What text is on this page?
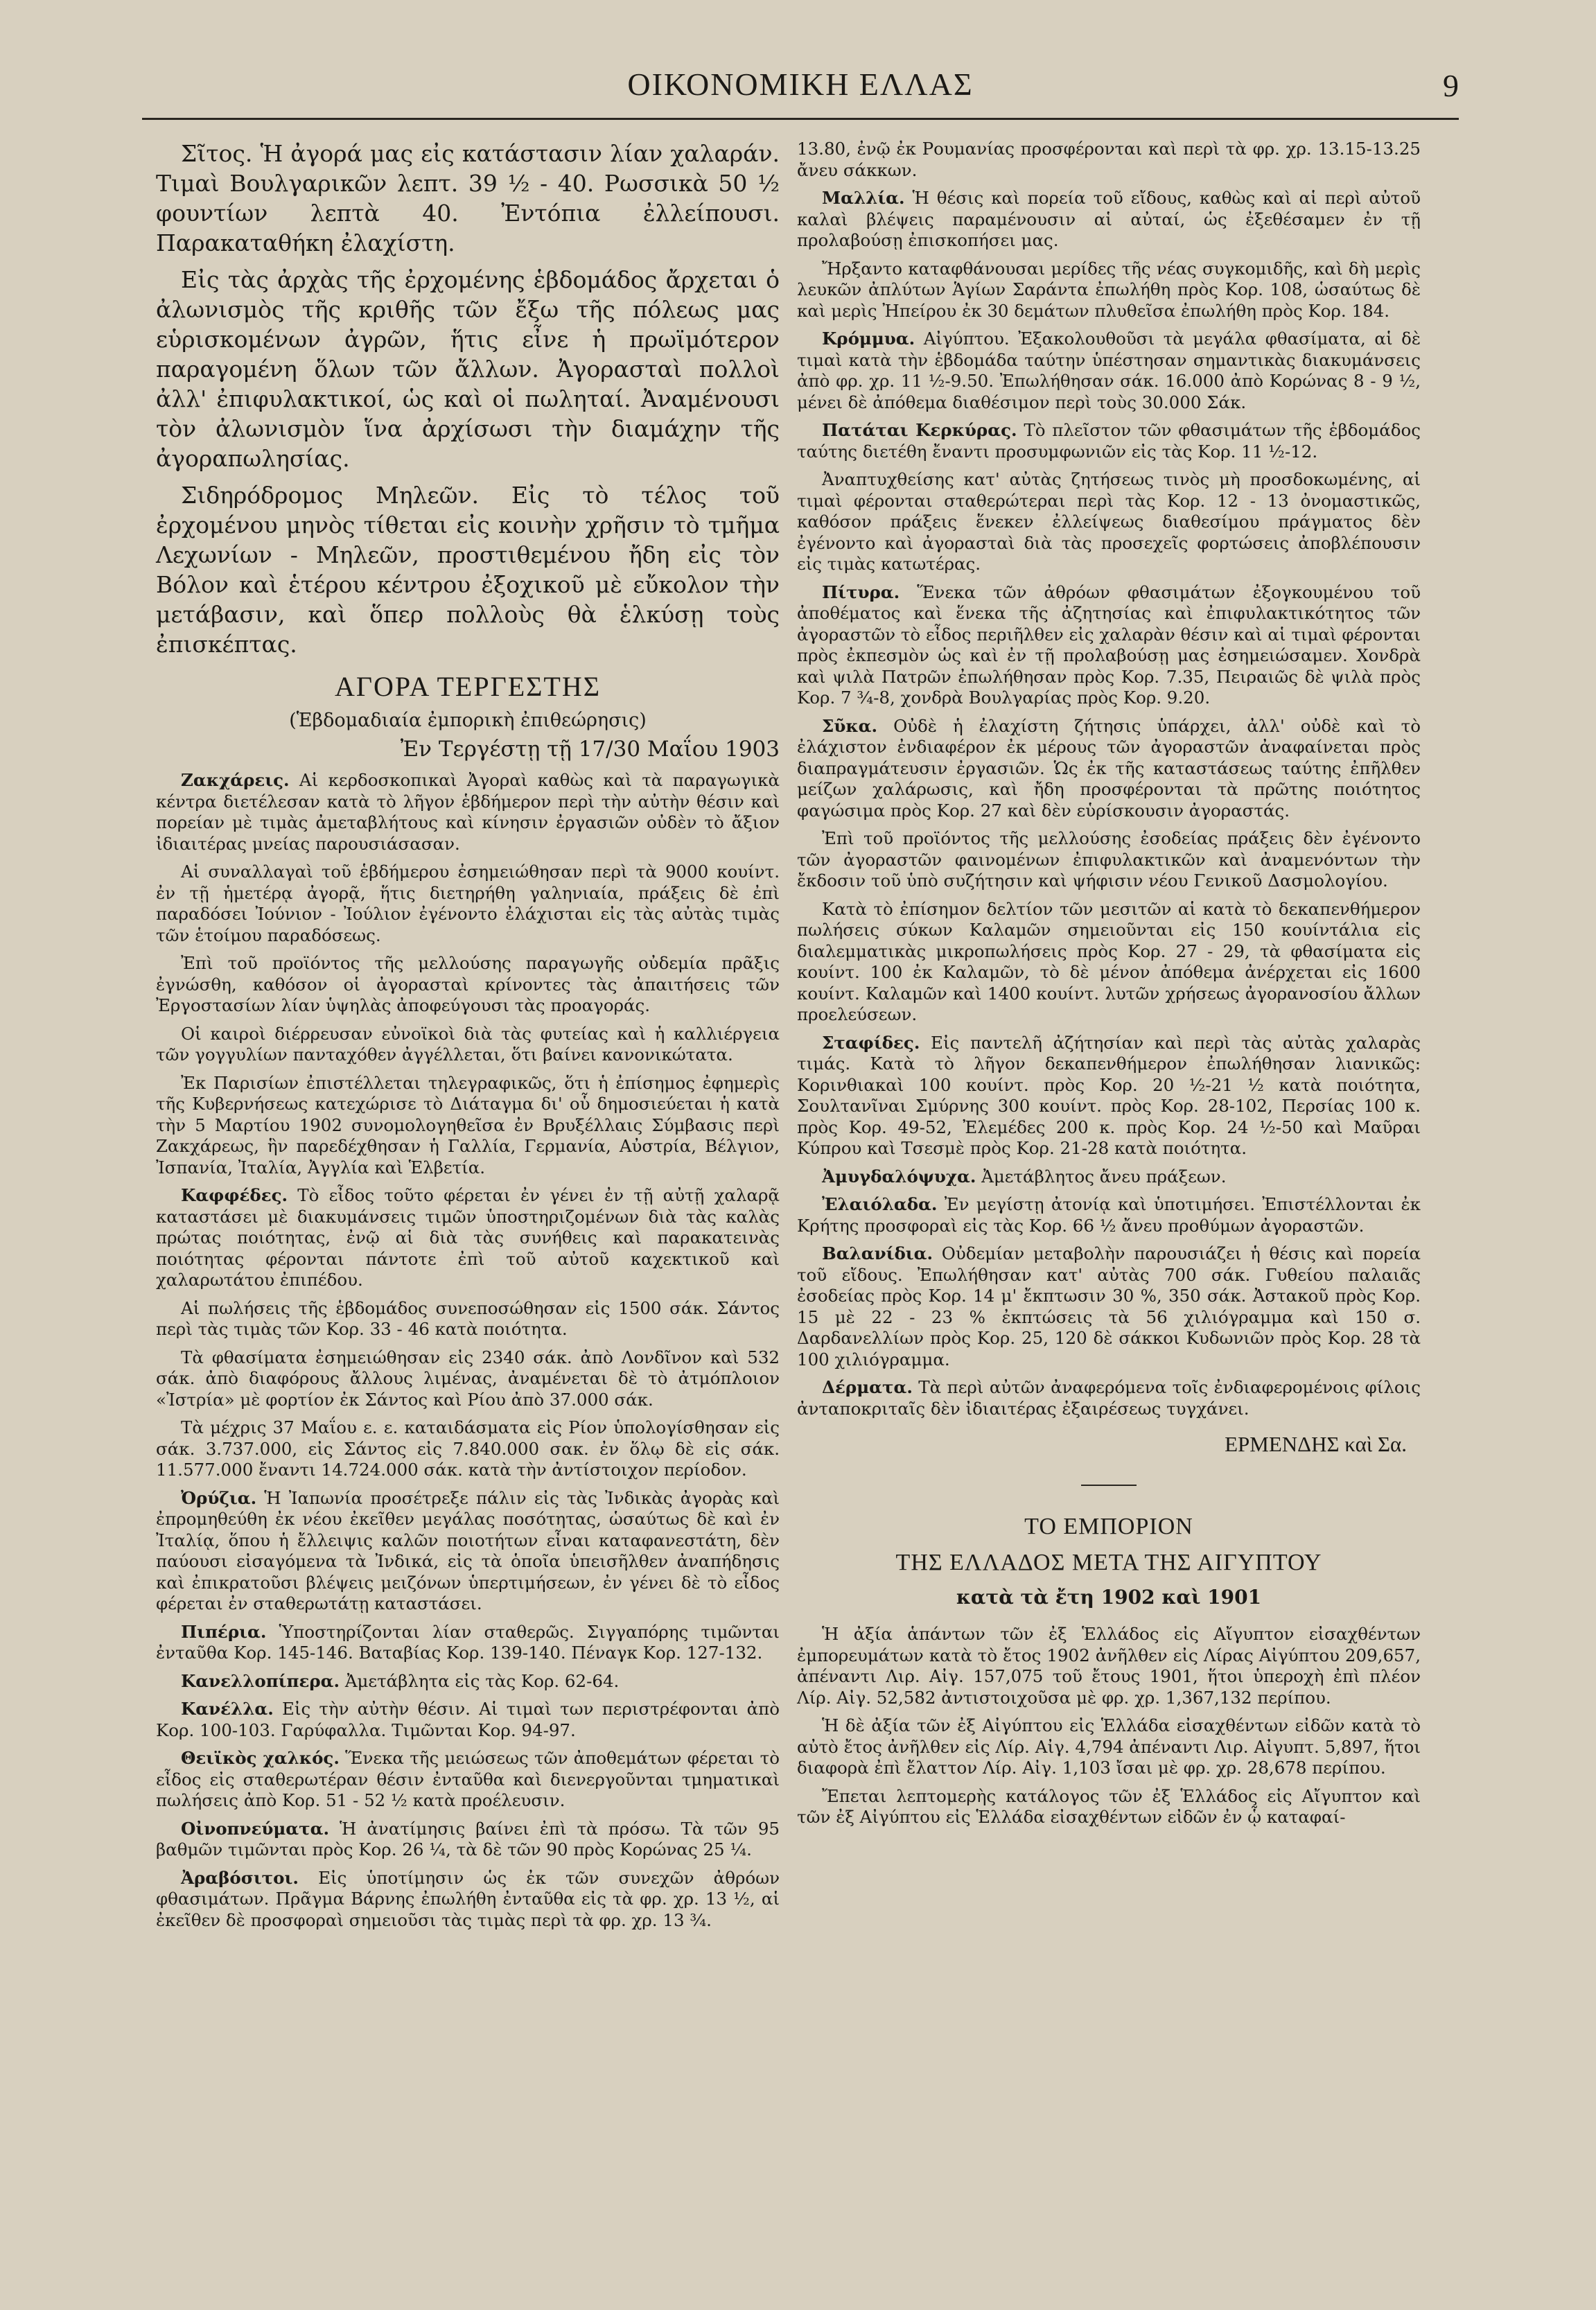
ΟΙΚΟΝΟΜΙΚΗ ΕΛΛΑΣ	9

Σῖτος. Ἡ ἀγορά μας εἰς κατάστασιν λίαν χαλαράν. Τιμαὶ Βουλγαρικῶν λεπτ. 39 ½ - 40. Ρωσσικὰ 50 ½ φουντίων λεπτὰ 40. Ἐντόπια ἐλλείπουσι. Παρακαταθήκη ἐλαχίστη.

Εἰς τὰς ἀρχὰς τῆς ἐρχομένης ἑβδομάδος ἄρχεται ὁ ἀλωνισμὸς τῆς κριθῆς τῶν ἔξω τῆς πόλεως μας εὑρισκομένων ἀγρῶν, ἥτις εἶνε ἡ πρωϊμότερον παραγομένη ὅλων τῶν ἄλλων. Ἀγορασταὶ πολλοὶ ἀλλ' ἐπιφυλακτικοί, ὡς καὶ οἱ πωληταί. Ἀναμένουσι τὸν ἀλωνισμὸν ἵνα ἀρχίσωσι τὴν διαμάχην τῆς ἀγοραπωλησίας.

Σιδηρόδρομος Μηλεῶν. Εἰς τὸ τέλος τοῦ ἐρχομένου μηνὸς τίθεται εἰς κοινὴν χρῆσιν τὸ τμῆμα Λεχωνίων - Μηλεῶν, προστιθεμένου ἤδη εἰς τὸν Βόλον καὶ ἑτέρου κέντρου ἐξοχικοῦ μὲ εὔκολον τὴν μετάβασιν, καὶ ὅπερ πολλοὺς θὰ ἑλκύσῃ τοὺς ἐπισκέπτας.

ΑΓΟΡΑ ΤΕΡΓΕΣΤΗΣ
(Ἑβδομαδιαία ἐμπορικὴ ἐπιθεώρησις)
Ἐν Τεργέστῃ τῇ 17/30 Μαΐου 1903

Ζακχάρεις. Αἱ κερδοσκοπικαὶ Ἀγοραὶ καθὼς καὶ τὰ παραγωγικὰ κέντρα διετέλεσαν κατὰ τὸ λῆγον ἑβδήμερον περὶ τὴν αὐτὴν θέσιν καὶ πορείαν μὲ τιμὰς ἀμεταβλήτους καὶ κίνησιν ἐργασιῶν οὐδὲν τὸ ἄξιον ἰδιαιτέρας μνείας παρουσιάσασαν.

Αἱ συναλλαγαὶ τοῦ ἑβδήμερου ἐσημειώθησαν περὶ τὰ 9000 κουίντ. ἐν τῇ ἡμετέρᾳ ἀγορᾷ, ἥτις διετηρήθη γαληνιαία, πράξεις δὲ ἐπὶ παραδόσει Ἰούνιον - Ἰούλιον ἐγένοντο ἐλάχισται εἰς τὰς αὐτὰς τιμὰς τῶν ἑτοίμου παραδόσεως.

Ἐπὶ τοῦ προϊόντος τῆς μελλούσης παραγωγῆς οὐδεμία πρᾶξις ἐγνώσθη, καθόσον οἱ ἀγορασταὶ κρίνοντες τὰς ἀπαιτήσεις τῶν Ἐργοστασίων λίαν ὑψηλὰς ἀποφεύγουσι τὰς προαγοράς.

Οἱ καιροὶ διέρρευσαν εὐνοϊκοὶ διὰ τὰς φυτείας καὶ ἡ καλλιέργεια τῶν γογγυλίων πανταχόθεν ἀγγέλλεται, ὅτι βαίνει κανονικώτατα.

Ἐκ Παρισίων ἐπιστέλλεται τηλεγραφικῶς, ὅτι ἡ ἐπίσημος ἐφημερὶς τῆς Κυβερνήσεως κατεχώρισε τὸ Διάταγμα δι' οὗ δημοσιεύεται ἡ κατὰ τὴν 5 Μαρτίου 1902 συνομολογηθεῖσα ἐν Βρυξέλλαις Σύμβασις περὶ Ζακχάρεως, ἣν παρεδέχθησαν ἡ Γαλλία, Γερμανία, Αὐστρία, Βέλγιον, Ἰσπανία, Ἰταλία, Ἀγγλία καὶ Ἑλβετία.

Καφφέδες. Τὸ εἶδος τοῦτο φέρεται ἐν γένει ἐν τῇ αὐτῇ χαλαρᾷ καταστάσει μὲ διακυμάνσεις τιμῶν ὑποστηριζομένων διὰ τὰς καλὰς πρώτας ποιότητας, ἐνῷ αἱ διὰ τὰς συνήθεις καὶ παρακατεινὰς ποιότητας φέρονται πάντοτε ἐπὶ τοῦ αὐτοῦ καχεκτικοῦ καὶ χαλαρωτάτου ἐπιπέδου.

Αἱ πωλήσεις τῆς ἑβδομάδος συνεποσώθησαν εἰς 1500 σάκ. Σάντος περὶ τὰς τιμὰς τῶν Κορ. 33 - 46 κατὰ ποιότητα.

Τὰ φθασίματα ἐσημειώθησαν εἰς 2340 σάκ. ἀπὸ Λονδῖνον καὶ 532 σάκ. ἀπὸ διαφόρους ἄλλους λιμένας, ἀναμένεται δὲ τὸ ἀτμόπλοιον «Ἰστρία» μὲ φορτίον ἐκ Σάντος καὶ Ρίου ἀπὸ 37.000 σάκ.

Τὰ μέχρις 37 Μαΐου ε. ε. καταιδάσματα εἰς Ρίον ὑπολογίσθησαν εἰς σάκ. 3.737.000, εἰς Σάντος εἰς 7.840.000 σακ. ἐν ὅλῳ δὲ εἰς σάκ. 11.577.000 ἔναντι 14.724.000 σάκ. κατὰ τὴν ἀντίστοιχον περίοδον.

Ὀρύζια. Ἡ Ἰαπωνία προσέτρεξε πάλιν εἰς τὰς Ἰνδικὰς ἀγορὰς καὶ ἐπρομηθεύθη ἐκ νέου ἐκεῖθεν μεγάλας ποσότητας, ὡσαύτως δὲ καὶ ἐν Ἰταλίᾳ, ὅπου ἡ ἔλλειψις καλῶν ποιοτήτων εἶναι καταφανεστάτη, δὲν παύουσι εἰσαγόμενα τὰ Ἰνδικά, εἰς τὰ ὁποῖα ὑπεισῆλθεν ἀναπήδησις καὶ ἐπικρατοῦσι βλέψεις μειζόνων ὑπερτιμήσεων, ἐν γένει δὲ τὸ εἶδος φέρεται ἐν σταθερωτάτῃ καταστάσει.

Πιπέρια. Ὑποστηρίζονται λίαν σταθερῶς. Σιγγαπόρης τιμῶνται ἐνταῦθα Κορ. 145-146. Βαταβίας Κορ. 139-140. Πέναγκ Κορ. 127-132.

Κανελλοπίπερα. Ἀμετάβλητα εἰς τὰς Κορ. 62-64.

Κανέλλα. Εἰς τὴν αὐτὴν θέσιν. Αἱ τιμαὶ των περιστρέφονται ἀπὸ Κορ. 100-103. Γαρύφαλλα. Τιμῶνται Κορ. 94-97.

Θειϊκὸς χαλκός. Ἕνεκα τῆς μειώσεως τῶν ἀποθεμάτων φέρεται τὸ εἶδος εἰς σταθερωτέραν θέσιν ἐνταῦθα καὶ διενεργοῦνται τμηματικαὶ πωλήσεις ἀπὸ Κορ. 51 - 52 ½ κατὰ προέλευσιν.

Οἰνοπνεύματα. Ἡ ἀνατίμησις βαίνει ἐπὶ τὰ πρόσω. Τὰ τῶν 95 βαθμῶν τιμῶνται πρὸς Κορ. 26 ¼, τὰ δὲ τῶν 90 πρὸς Κορώνας 25 ¼.

Ἀραβόσιτοι. Εἰς ὑποτίμησιν ὡς ἐκ τῶν συνεχῶν ἀθρόων φθασιμάτων. Πρᾶγμα Βάρνης ἐπωλήθη ἐνταῦθα εἰς τὰ φρ. χρ. 13 ½, αἱ ἐκεῖθεν δὲ προσφοραὶ σημειοῦσι τὰς τιμὰς περὶ τὰ φρ. χρ. 13 ¾.

13.80, ἐνῷ ἐκ Ρουμανίας προσφέρονται καὶ περὶ τὰ φρ. χρ. 13.15-13.25 ἄνευ σάκκων.

Μαλλία. Ἡ θέσις καὶ πορεία τοῦ εἴδους, καθὼς καὶ αἱ περὶ αὐτοῦ καλαὶ βλέψεις παραμένουσιν αἱ αὐταί, ὡς ἐξεθέσαμεν ἐν τῇ προλαβούσῃ ἐπισκοπήσει μας.

Ἤρξαντο καταφθάνουσαι μερίδες τῆς νέας συγκομιδῆς, καὶ δὴ μερὶς λευκῶν ἀπλύτων Ἁγίων Σαράντα ἐπωλήθη πρὸς Κορ. 108, ὡσαύτως δὲ καὶ μερὶς Ἠπείρου ἐκ 30 δεμάτων πλυθεῖσα ἐπωλήθη πρὸς Κορ. 184.

Κρόμμυα. Αἰγύπτου. Ἐξακολουθοῦσι τὰ μεγάλα φθασίματα, αἱ δὲ τιμαὶ κατὰ τὴν ἑβδομάδα ταύτην ὑπέστησαν σημαντικὰς διακυμάνσεις ἀπὸ φρ. χρ. 11 ½-9.50. Ἐπωλήθησαν σάκ. 16.000 ἀπὸ Κορώνας 8 - 9 ½, μένει δὲ ἀπόθεμα διαθέσιμον περὶ τοὺς 30.000 Σάκ.

Πατάται Κερκύρας. Τὸ πλεῖστον τῶν φθασιμάτων τῆς ἑβδομάδος ταύτης διετέθη ἔναντι προσυμφωνιῶν εἰς τὰς Κορ. 11 ½-12.

Ἀναπτυχθείσης κατ' αὐτὰς ζητήσεως τινὸς μὴ προσδοκωμένης, αἱ τιμαὶ φέρονται σταθερώτεραι περὶ τὰς Κορ. 12 - 13 ὀνομαστικῶς, καθόσον πράξεις ἕνεκεν ἐλλείψεως διαθεσίμου πράγματος δὲν ἐγένοντο καὶ ἀγορασταὶ διὰ τὰς προσεχεῖς φορτώσεις ἀποβλέπουσιν εἰς τιμὰς κατωτέρας.

Πίτυρα. Ἕνεκα τῶν ἀθρόων φθασιμάτων ἐξογκουμένου τοῦ ἀποθέματος καὶ ἕνεκα τῆς ἀζητησίας καὶ ἐπιφυλακτικότητος τῶν ἀγοραστῶν τὸ εἶδος περιῆλθεν εἰς χαλαρὰν θέσιν καὶ αἱ τιμαὶ φέρονται πρὸς ἐκπεσμὸν ὡς καὶ ἐν τῇ προλαβούσῃ μας ἐσημειώσαμεν. Χονδρὰ καὶ ψιλὰ Πατρῶν ἐπωλήθησαν πρὸς Κορ. 7.35, Πειραιῶς δὲ ψιλὰ πρὸς Κορ. 7 ¾-8, χονδρὰ Βουλγαρίας πρὸς Κορ. 9.20.

Σῦκα. Οὐδὲ ἡ ἐλαχίστη ζήτησις ὑπάρχει, ἀλλ' οὐδὲ καὶ τὸ ἐλάχιστον ἐνδιαφέρον ἐκ μέρους τῶν ἀγοραστῶν ἀναφαίνεται πρὸς διαπραγμάτευσιν ἐργασιῶν. Ὡς ἐκ τῆς καταστάσεως ταύτης ἐπῆλθεν μείζων χαλάρωσις, καὶ ἤδη προσφέρονται τὰ πρῶτης ποιότητος φαγώσιμα πρὸς Κορ. 27 καὶ δὲν εὑρίσκουσιν ἀγοραστάς.

Ἐπὶ τοῦ προϊόντος τῆς μελλούσης ἐσοδείας πράξεις δὲν ἐγένοντο τῶν ἀγοραστῶν φαινομένων ἐπιφυλακτικῶν καὶ ἀναμενόντων τὴν ἔκδοσιν τοῦ ὑπὸ συζήτησιν καὶ ψήφισιν νέου Γενικοῦ Δασμολογίου.

Κατὰ τὸ ἐπίσημον δελτίον τῶν μεσιτῶν αἱ κατὰ τὸ δεκαπενθήμερον πωλήσεις σύκων Καλαμῶν σημειοῦνται εἰς 150 κουίντάλια εἰς διαλεμματικὰς μικροπωλήσεις πρὸς Κορ. 27 - 29, τὰ φθασίματα εἰς κουίντ. 100 ἐκ Καλαμῶν, τὸ δὲ μένον ἀπόθεμα ἀνέρχεται εἰς 1600 κουίντ. Καλαμῶν καὶ 1400 κουίντ. λυτῶν χρήσεως ἀγορανοσίου ἄλλων προελεύσεων.

Σταφίδες. Εἰς παντελῆ ἀζήτησίαν καὶ περὶ τὰς αὐτὰς χαλαρὰς τιμάς. Κατὰ τὸ λῆγον δεκαπενθήμερον ἐπωλήθησαν λιανικῶς: Κορινθιακαὶ 100 κουίντ. πρὸς Κορ. 20 ½-21 ½ κατὰ ποιότητα, Σουλτανῖναι Σμύρνης 300 κουίντ. πρὸς Κορ. 28-102, Περσίας 100 κ. πρὸς Κορ. 49-52, Ἐλεμέδες 200 κ. πρὸς Κορ. 24 ½-50 καὶ Μαῦραι Κύπρου καὶ Τσεσμὲ πρὸς Κορ. 21-28 κατὰ ποιότητα.

Ἀμυγδαλόψυχα. Ἀμετάβλητος ἄνευ πράξεων.

Ἐλαιόλαδα. Ἐν μεγίστῃ ἀτονίᾳ καὶ ὑποτιμήσει. Ἐπιστέλλονται ἐκ Κρήτης προσφοραὶ εἰς τὰς Κορ. 66 ½ ἄνευ προθύμων ἀγοραστῶν.

Βαλανίδια. Οὐδεμίαν μεταβολὴν παρουσιάζει ἡ θέσις καὶ πορεία τοῦ εἴδους. Ἐπωλήθησαν κατ' αὐτὰς 700 σάκ. Γυθείου παλαιᾶς ἐσοδείας πρὸς Κορ. 14 μ' ἔκπτωσιν 30 %, 350 σάκ. Ἀστακοῦ πρὸς Κορ. 15 μὲ 22 - 23 % ἐκπτώσεις τὰ 56 χιλιόγραμμα καὶ 150 σ. Δαρδανελλίων πρὸς Κορ. 25, 120 δὲ σάκκοι Κυδωνιῶν πρὸς Κορ. 28 τὰ 100 χιλιόγραμμα.

Δέρματα. Τὰ περὶ αὐτῶν ἀναφερόμενα τοῖς ἐνδιαφερομένοις φίλοις ἀνταποκριταῖς δὲν ἰδιαιτέρας ἐξαιρέσεως τυγχάνει.

ΕΡΜΕΝΔΗΣ καὶ Σα.
ΤΟ ΕΜΠΟΡΙΟΝ
ΤΗΣ ΕΛΛΑΔΟΣ ΜΕΤΑ ΤΗΣ ΑΙΓΥΠΤΟΥ
κατὰ τὰ ἔτη 1902 καὶ 1901

Ἡ ἀξία ἁπάντων τῶν ἐξ Ἑλλάδος εἰς Αἴγυπτον εἰσαχθέντων ἐμπορευμάτων κατὰ τὸ ἔτος 1902 ἀνῆλθεν εἰς Λίρας Αἰγύπτου 209,657, ἀπέναντι Λιρ. Αἰγ. 157,075 τοῦ ἔτους 1901, ἥτοι ὑπεροχὴ ἐπὶ πλέον Λίρ. Αἰγ. 52,582 ἀντιστοιχοῦσα μὲ φρ. χρ. 1,367,132 περίπου.

Ἡ δὲ ἀξία τῶν ἐξ Αἰγύπτου εἰς Ἑλλάδα εἰσαχθέντων εἰδῶν κατὰ τὸ αὐτὸ ἔτος ἀνῆλθεν εἰς Λίρ. Αἰγ. 4,794 ἀπέναντι Λιρ. Αἰγυπτ. 5,897, ἥτοι διαφορὰ ἐπὶ ἔλαττον Λίρ. Αἰγ. 1,103 ἴσαι μὲ φρ. χρ. 28,678 περίπου.

Ἔπεται λεπτομερὴς κατάλογος τῶν ἐξ Ἑλλάδος εἰς Αἴγυπτον καὶ τῶν ἐξ Αἰγύπτου εἰς Ἑλλάδα εἰσαχθέντων εἰδῶν ἐν ᾧ καταφαί-
